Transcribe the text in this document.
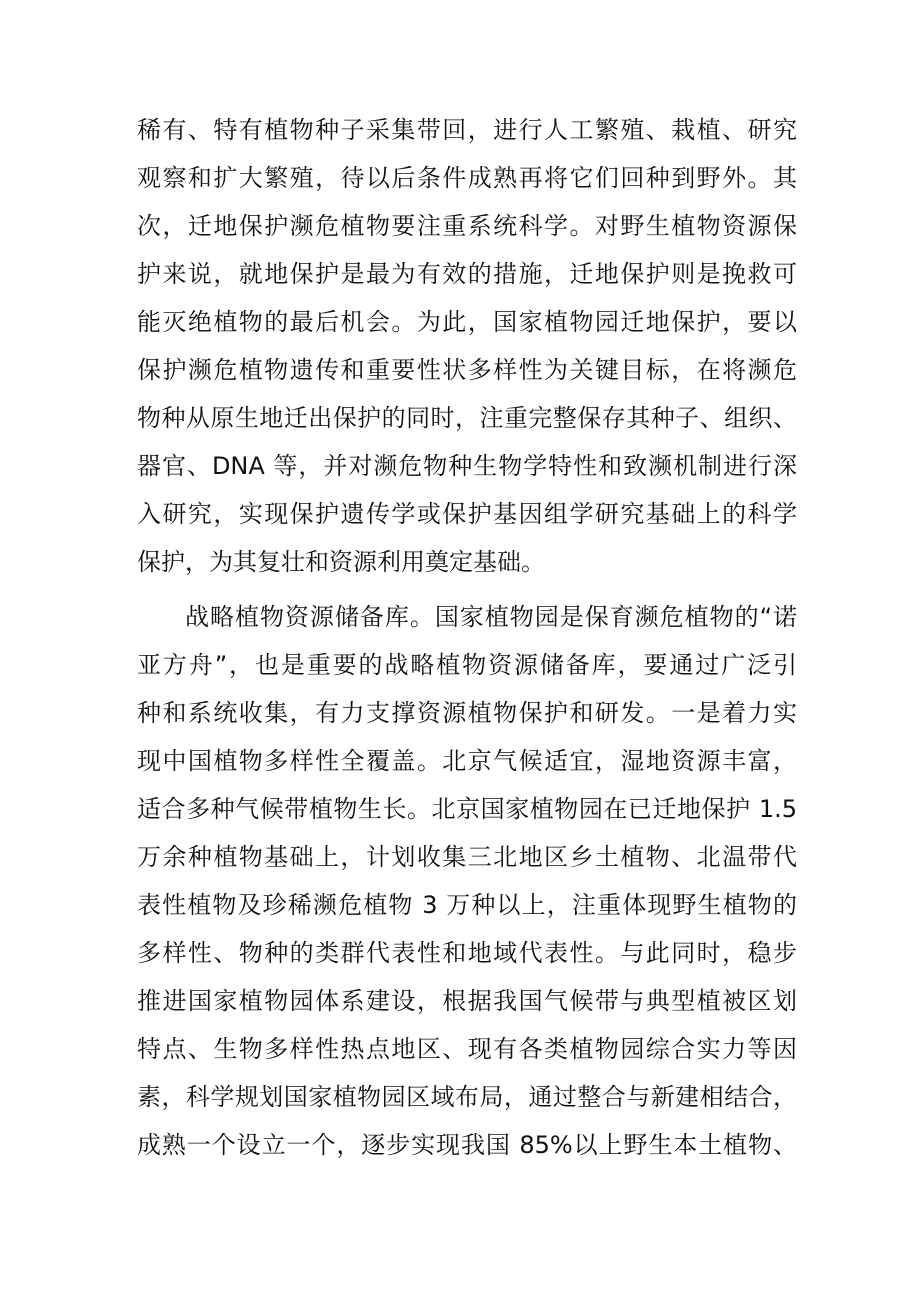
稀有、特有植物种子采集带回，进行人工繁殖、栽植、研究
观察和扩大繁殖，待以后条件成熟再将它们回种到野外。其
次，迁地保护濒危植物要注重系统科学。对野生植物资源保
护来说，就地保护是最为有效的措施，迁地保护则是挽救可
能灭绝植物的最后机会。为此，国家植物园迁地保护，要以
保护濒危植物遗传和重要性状多样性为关键目标，在将濒危
物种从原生地迁出保护的同时，注重完整保存其种子、组织、
器官、DNA 等，并对濒危物种生物学特性和致濒机制进行深
入研究，实现保护遗传学或保护基因组学研究基础上的科学
保护，为其复壮和资源利用奠定基础。
战略植物资源储备库。国家植物园是保育濒危植物的“诺
亚方舟”，也是重要的战略植物资源储备库，要通过广泛引
种和系统收集，有力支撑资源植物保护和研发。一是着力实
现中国植物多样性全覆盖。北京气候适宜，湿地资源丰富，
适合多种气候带植物生长。北京国家植物园在已迁地保护 1.5
万余种植物基础上，计划收集三北地区乡土植物、北温带代
表性植物及珍稀濒危植物 3 万种以上，注重体现野生植物的
多样性、物种的类群代表性和地域代表性。与此同时，稳步
推进国家植物园体系建设，根据我国气候带与典型植被区划
特点、生物多样性热点地区、现有各类植物园综合实力等因
素，科学规划国家植物园区域布局，通过整合与新建相结合，
成熟一个设立一个，逐步实现我国 85%以上野生本土植物、
